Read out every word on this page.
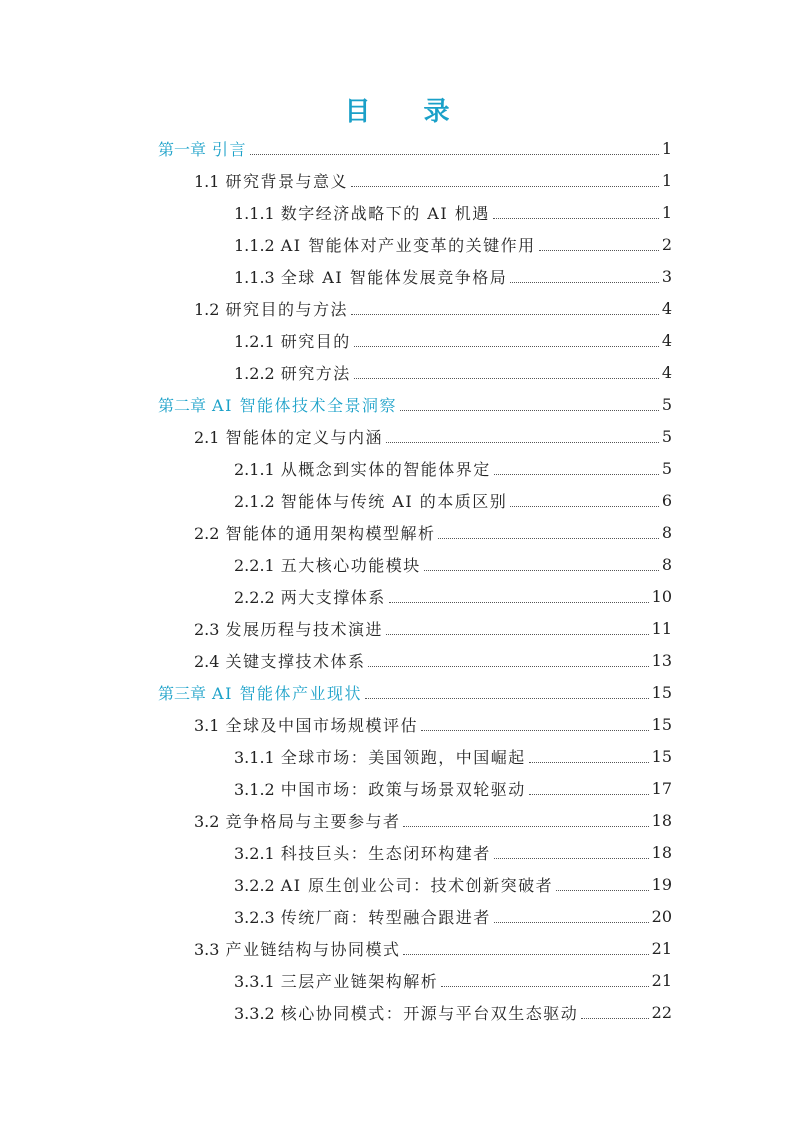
目 录
第一章 引言	1
1.1 研究背景与意义	1
1.1.1 数字经济战略下的 AI 机遇	1
1.1.2 AI 智能体对产业变革的关键作用	2
1.1.3 全球 AI 智能体发展竞争格局	3
1.2 研究目的与方法	4
1.2.1 研究目的	4
1.2.2 研究方法	4
第二章 AI 智能体技术全景洞察	5
2.1 智能体的定义与内涵	5
2.1.1 从概念到实体的智能体界定	5
2.1.2 智能体与传统 AI 的本质区别	6
2.2 智能体的通用架构模型解析	8
2.2.1 五大核心功能模块	8
2.2.2 两大支撑体系	10
2.3 发展历程与技术演进	11
2.4 关键支撑技术体系	13
第三章 AI 智能体产业现状	15
3.1 全球及中国市场规模评估	15
3.1.1 全球市场：美国领跑，中国崛起	15
3.1.2 中国市场：政策与场景双轮驱动	17
3.2 竞争格局与主要参与者	18
3.2.1 科技巨头：生态闭环构建者	18
3.2.2 AI 原生创业公司：技术创新突破者	19
3.2.3 传统厂商：转型融合跟进者	20
3.3 产业链结构与协同模式	21
3.3.1 三层产业链架构解析	21
3.3.2 核心协同模式：开源与平台双生态驱动	22
